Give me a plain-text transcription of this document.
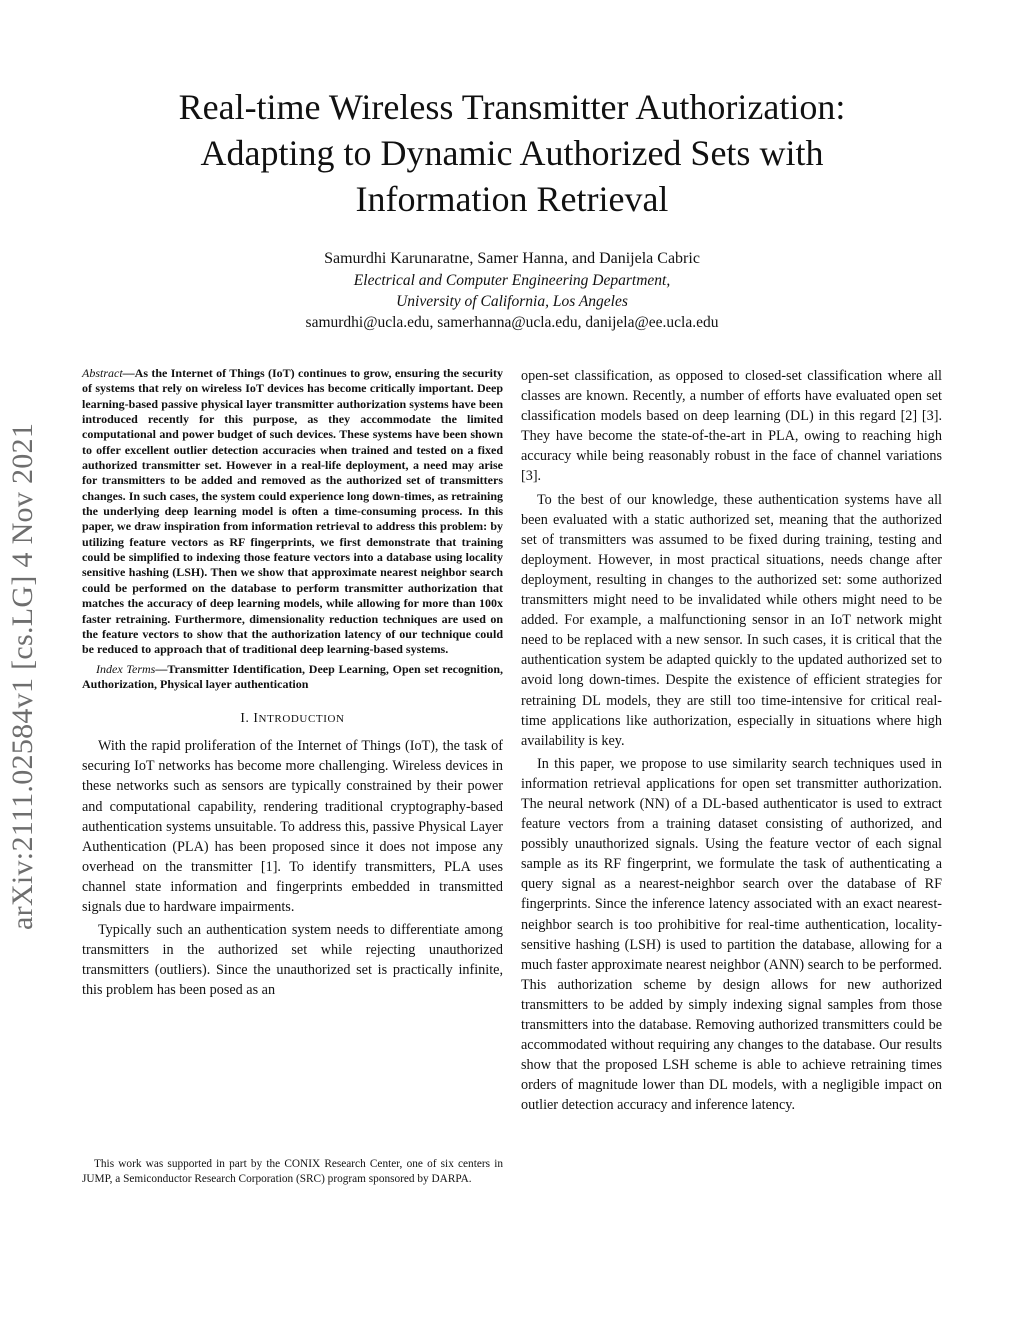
Real-time Wireless Transmitter Authorization:
Adapting to Dynamic Authorized Sets with
Information Retrieval
Samurdhi Karunaratne, Samer Hanna, and Danijela Cabric
Electrical and Computer Engineering Department,
University of California, Los Angeles
samurdhi@ucla.edu, samerhanna@ucla.edu, danijela@ee.ucla.edu
arXiv:2111.02584v1 [cs.LG] 4 Nov 2021

Abstract—As the Internet of Things (IoT) continues to grow, ensuring the security of systems that rely on wireless IoT devices has become critically important. Deep learning-based passive physical layer transmitter authorization systems have been introduced recently for this purpose, as they accommodate the limited computational and power budget of such devices. These systems have been shown to offer excellent outlier detection accuracies when trained and tested on a fixed authorized transmitter set. However in a real-life deployment, a need may arise for transmitters to be added and removed as the authorized set of transmitters changes. In such cases, the system could experience long down-times, as retraining the underlying deep learning model is often a time-consuming process. In this paper, we draw inspiration from information retrieval to address this problem: by utilizing feature vectors as RF fingerprints, we first demonstrate that training could be simplified to indexing those feature vectors into a database using locality sensitive hashing (LSH). Then we show that approximate nearest neighbor search could be performed on the database to perform transmitter authorization that matches the accuracy of deep learning models, while allowing for more than 100x faster retraining. Furthermore, dimensionality reduction techniques are used on the feature vectors to show that the authorization latency of our technique could be reduced to approach that of traditional deep learning-based systems.

Index Terms—Transmitter Identification, Deep Learning, Open set recognition, Authorization, Physical layer authentication

I. INTRODUCTION

With the rapid proliferation of the Internet of Things (IoT), the task of securing IoT networks has become more challenging. Wireless devices in these networks such as sensors are typically constrained by their power and computational capability, rendering traditional cryptography-based authentication systems unsuitable. To address this, passive Physical Layer Authentication (PLA) has been proposed since it does not impose any overhead on the transmitter [1]. To identify transmitters, PLA uses channel state information and fingerprints embedded in transmitted signals due to hardware impairments.

Typically such an authentication system needs to differentiate among transmitters in the authorized set while rejecting unauthorized transmitters (outliers). Since the unauthorized set is practically infinite, this problem has been posed as an

This work was supported in part by the CONIX Research Center, one of six centers in JUMP, a Semiconductor Research Corporation (SRC) program sponsored by DARPA.

open-set classification, as opposed to closed-set classification where all classes are known. Recently, a number of efforts have evaluated open set classification models based on deep learning (DL) in this regard [2] [3]. They have become the state-of-the-art in PLA, owing to reaching high accuracy while being reasonably robust in the face of channel variations [3].

To the best of our knowledge, these authentication systems have all been evaluated with a static authorized set, meaning that the authorized set of transmitters was assumed to be fixed during training, testing and deployment. However, in most practical situations, needs change after deployment, resulting in changes to the authorized set: some authorized transmitters might need to be invalidated while others might need to be added. For example, a malfunctioning sensor in an IoT network might need to be replaced with a new sensor. In such cases, it is critical that the authentication system be adapted quickly to the updated authorized set to avoid long down-times. Despite the existence of efficient strategies for retraining DL models, they are still too time-intensive for critical real-time applications like authorization, especially in situations where high availability is key.

In this paper, we propose to use similarity search techniques used in information retrieval applications for open set transmitter authorization. The neural network (NN) of a DL-based authenticator is used to extract feature vectors from a training dataset consisting of authorized, and possibly unauthorized signals. Using the feature vector of each signal sample as its RF fingerprint, we formulate the task of authenticating a query signal as a nearest-neighbor search over the database of RF fingerprints. Since the inference latency associated with an exact nearest-neighbor search is too prohibitive for real-time authentication, locality-sensitive hashing (LSH) is used to partition the database, allowing for a much faster approximate nearest neighbor (ANN) search to be performed. This authorization scheme by design allows for new authorized transmitters to be added by simply indexing signal samples from those transmitters into the database. Removing authorized transmitters could be accommodated without requiring any changes to the database. Our results show that the proposed LSH scheme is able to achieve retraining times orders of magnitude lower than DL models, with a negligible impact on outlier detection accuracy and inference latency.
